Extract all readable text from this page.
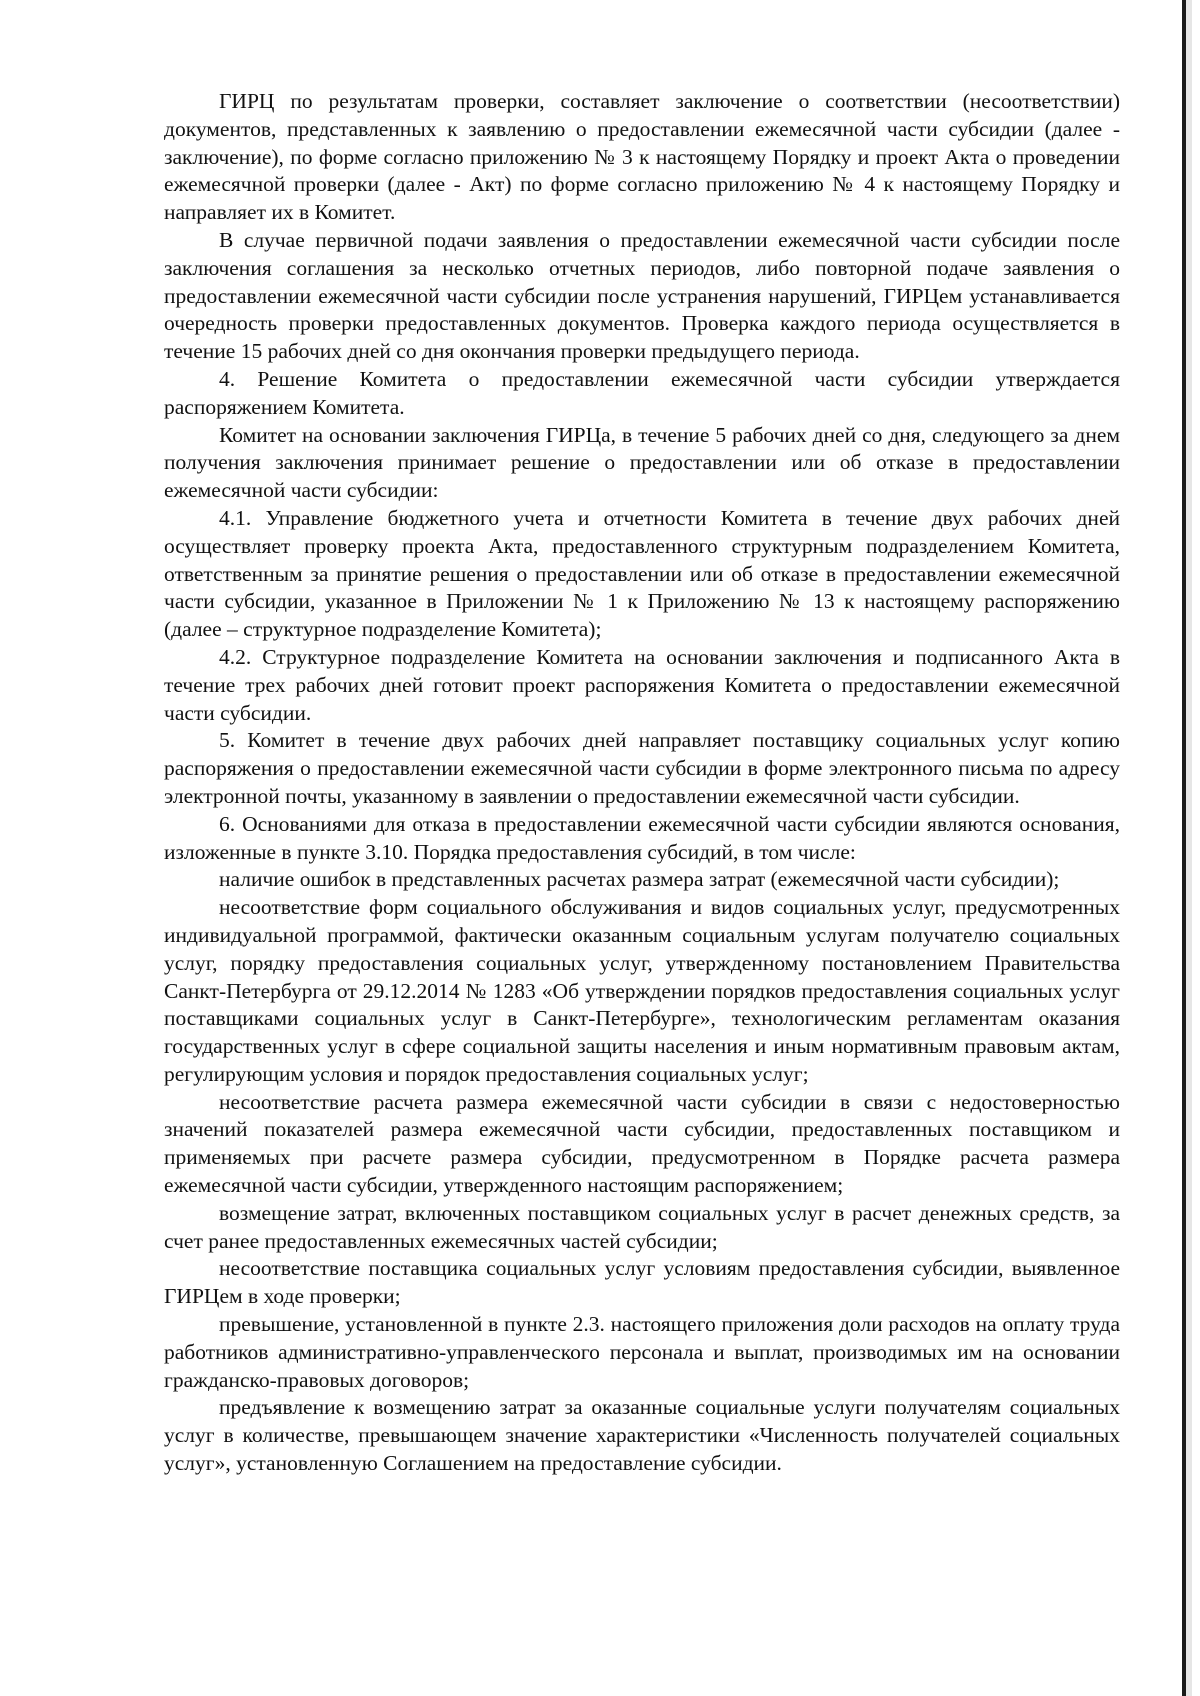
ГИРЦ по результатам проверки, составляет заключение о соответствии (несоответствии) документов, представленных к заявлению о предоставлении ежемесячной части субсидии (далее - заключение), по форме согласно приложению № 3 к настоящему Порядку и проект Акта о проведении ежемесячной проверки (далее - Акт) по форме согласно приложению № 4 к настоящему Порядку и направляет их в Комитет.

В случае первичной подачи заявления о предоставлении ежемесячной части субсидии после заключения соглашения за несколько отчетных периодов, либо повторной подаче заявления о предоставлении ежемесячной части субсидии после устранения нарушений, ГИРЦем устанавливается очередность проверки предоставленных документов. Проверка каждого периода осуществляется в течение 15 рабочих дней со дня окончания проверки предыдущего периода.

4. Решение Комитета о предоставлении ежемесячной части субсидии утверждается распоряжением Комитета.

Комитет на основании заключения ГИРЦа, в течение 5 рабочих дней со дня, следующего за днем получения заключения принимает решение о предоставлении или об отказе в предоставлении ежемесячной части субсидии:

4.1. Управление бюджетного учета и отчетности Комитета в течение двух рабочих дней осуществляет проверку проекта Акта, предоставленного структурным подразделением Комитета, ответственным за принятие решения о предоставлении или об отказе в предоставлении ежемесячной части субсидии, указанное в Приложении № 1 к Приложению № 13 к настоящему распоряжению (далее – структурное подразделение Комитета);

4.2. Структурное подразделение Комитета на основании заключения и подписанного Акта в течение трех рабочих дней готовит проект распоряжения Комитета о предоставлении ежемесячной части субсидии.

5. Комитет в течение двух рабочих дней направляет поставщику социальных услуг копию распоряжения о предоставлении ежемесячной части субсидии в форме электронного письма по адресу электронной почты, указанному в заявлении о предоставлении ежемесячной части субсидии.

6. Основаниями для отказа в предоставлении ежемесячной части субсидии являются основания, изложенные в пункте 3.10. Порядка предоставления субсидий, в том числе:

наличие ошибок в представленных расчетах размера затрат (ежемесячной части субсидии);

несоответствие форм социального обслуживания и видов социальных услуг, предусмотренных индивидуальной программой, фактически оказанным социальным услугам получателю социальных услуг, порядку предоставления социальных услуг, утвержденному постановлением Правительства Санкт-Петербурга от 29.12.2014 № 1283 «Об утверждении порядков предоставления социальных услуг поставщиками социальных услуг в Санкт-Петербурге», технологическим регламентам оказания государственных услуг в сфере социальной защиты населения и иным нормативным правовым актам, регулирующим условия и порядок предоставления социальных услуг;

несоответствие расчета размера ежемесячной части субсидии в связи с недостоверностью значений показателей размера ежемесячной части субсидии, предоставленных поставщиком и применяемых при расчете размера субсидии, предусмотренном в Порядке расчета размера ежемесячной части субсидии, утвержденного настоящим распоряжением;

возмещение затрат, включенных поставщиком социальных услуг в расчет денежных средств, за счет ранее предоставленных ежемесячных частей субсидии;

несоответствие поставщика социальных услуг условиям предоставления субсидии, выявленное ГИРЦем в ходе проверки;

превышение, установленной в пункте 2.3. настоящего приложения доли расходов на оплату труда работников административно-управленческого персонала и выплат, производимых им на основании гражданско-правовых договоров;

предъявление к возмещению затрат за оказанные социальные услуги получателям социальных услуг в количестве, превышающем значение характеристики «Численность получателей социальных услуг», установленную Соглашением на предоставление субсидии.
